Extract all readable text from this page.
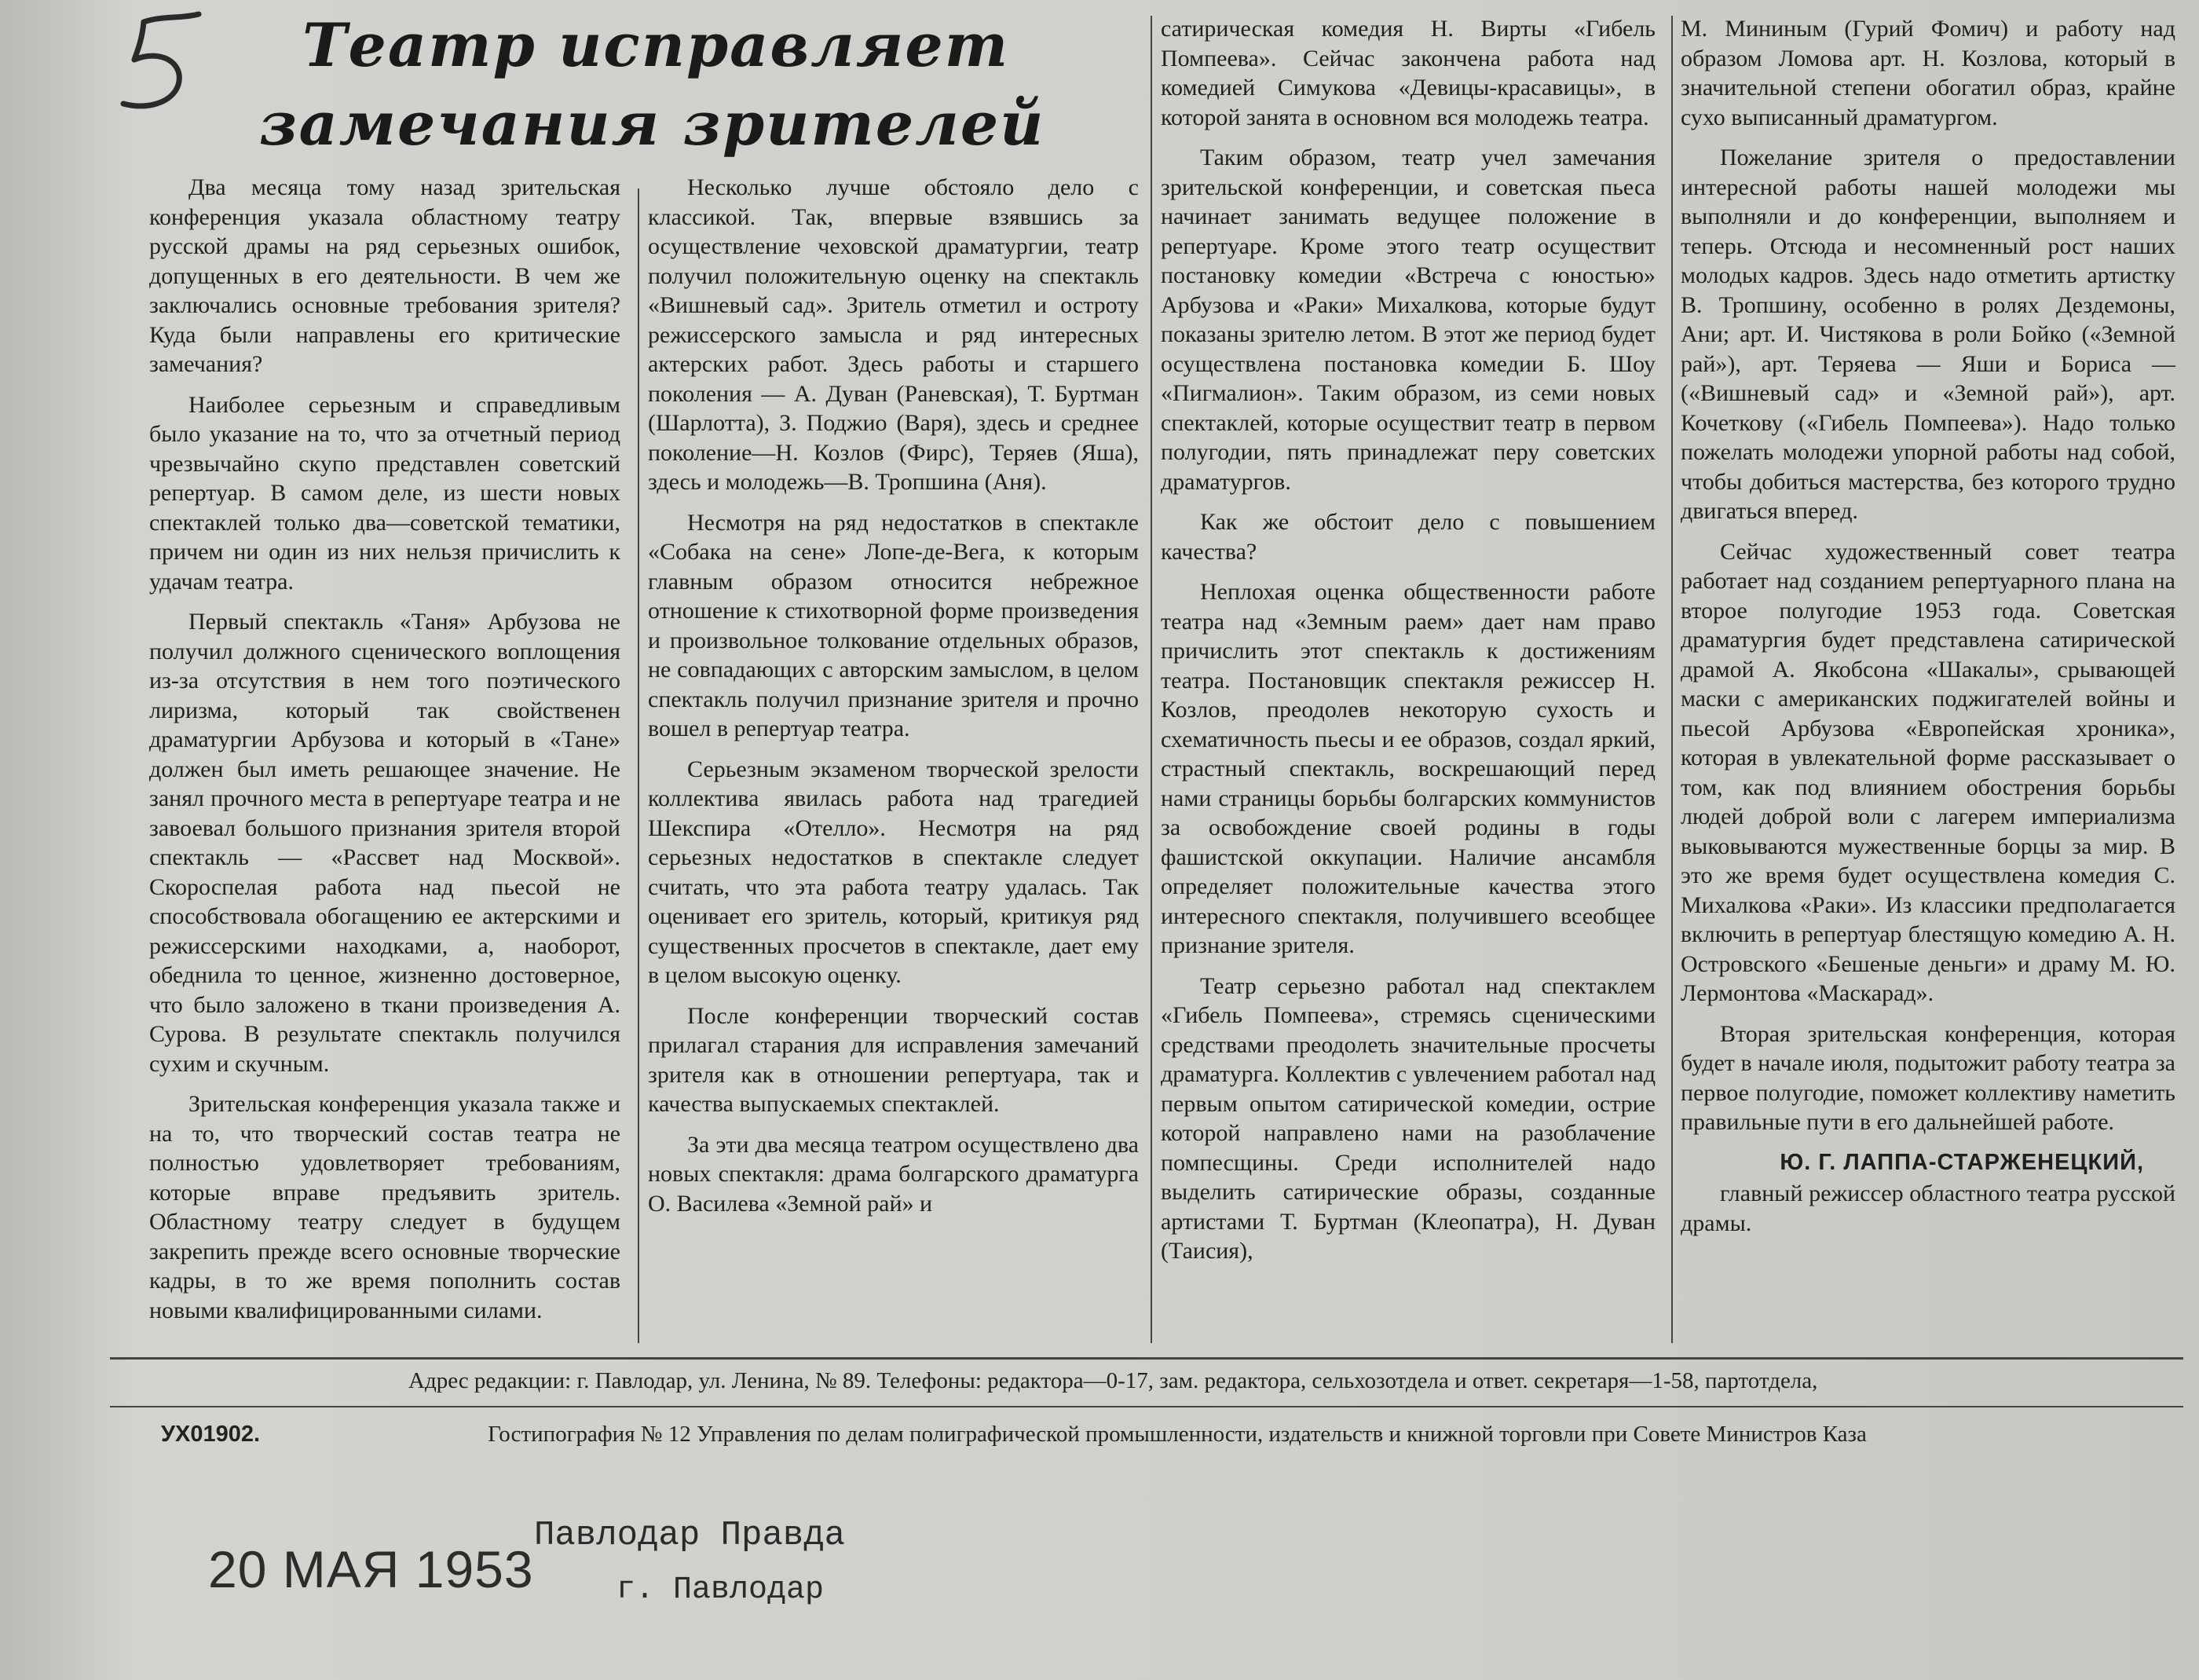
Театр исправляет
замечания зрителей

Два месяца тому назад зрительская конференция указала областному театру русской драмы на ряд серьезных ошибок, допущенных в его деятельности. В чем же заключались основные требования зрителя? Куда были направлены его критические замечания?

Наиболее серьезным и справедливым было указание на то, что за отчетный период чрезвычайно скупо представлен советский репертуар. В самом деле, из шести новых спектаклей только два—советской тематики, причем ни один из них нельзя причислить к удачам театра.

Первый спектакль «Таня» Арбузова не получил должного сценического воплощения из-за отсутствия в нем того поэтического лиризма, который так свойственен драматургии Арбузова и который в «Тане» должен был иметь решающее значение. Не занял прочного места в репертуаре театра и не завоевал большого признания зрителя второй спектакль — «Рассвет над Москвой». Скороспелая работа над пьесой не способствовала обогащению ее актерскими и режиссерскими находками, а, наоборот, обеднила то ценное, жизненно достоверное, что было заложено в ткани произведения А. Сурова. В результате спектакль получился сухим и скучным.

Зрительская конференция указала также и на то, что творческий состав театра не полностью удовлетворяет требованиям, которые вправе предъявить зритель. Областному театру следует в будущем закрепить прежде всего основные творческие кадры, в то же время пополнить состав новыми квалифицированными силами.

Несколько лучше обстояло дело с классикой. Так, впервые взявшись за осуществление чеховской драматургии, театр получил положительную оценку на спектакль «Вишневый сад». Зритель отметил и остроту режиссерского замысла и ряд интересных актерских работ. Здесь работы и старшего поколения — А. Дуван (Раневская), Т. Буртман (Шарлотта), З. Поджио (Варя), здесь и среднее поколение—Н. Козлов (Фирс), Теряев (Яша), здесь и молодежь—В. Тропшина (Аня).

Несмотря на ряд недостатков в спектакле «Собака на сене» Лопе-де-Вега, к которым главным образом относится небрежное отношение к стихотворной форме произведения и произвольное толкование отдельных образов, не совпадающих с авторским замыслом, в целом спектакль получил признание зрителя и прочно вошел в репертуар театра.

Серьезным экзаменом творческой зрелости коллектива явилась работа над трагедией Шекспира «Отелло». Несмотря на ряд серьезных недостатков в спектакле следует считать, что эта работа театру удалась. Так оценивает его зритель, который, критикуя ряд существенных просчетов в спектакле, дает ему в целом высокую оценку.

После конференции творческий состав прилагал старания для исправления замечаний зрителя как в отношении репертуара, так и качества выпускаемых спектаклей.

За эти два месяца театром осуществлено два новых спектакля: драма болгарского драматурга О. Василева «Земной рай» и

сатирическая комедия Н. Вирты «Гибель Помпеева». Сейчас закончена работа над комедией Симукова «Девицы-красавицы», в которой занята в основном вся молодежь театра.

Таким образом, театр учел замечания зрительской конференции, и советская пьеса начинает занимать ведущее положение в репертуаре. Кроме этого театр осуществит постановку комедии «Встреча с юностью» Арбузова и «Раки» Михалкова, которые будут показаны зрителю летом. В этот же период будет осуществлена постановка комедии Б. Шоу «Пигмалион». Таким образом, из семи новых спектаклей, которые осуществит театр в первом полугодии, пять принадлежат перу советских драматургов.

Как же обстоит дело с повышением качества?

Неплохая оценка общественности работе театра над «Земным раем» дает нам право причислить этот спектакль к достижениям театра. Постановщик спектакля режиссер Н. Козлов, преодолев некоторую сухость и схематичность пьесы и ее образов, создал яркий, страстный спектакль, воскрешающий перед нами страницы борьбы болгарских коммунистов за освобождение своей родины в годы фашистской оккупации. Наличие ансамбля определяет положительные качества этого интересного спектакля, получившего всеобщее признание зрителя.

Театр серьезно работал над спектаклем «Гибель Помпеева», стремясь сценическими средствами преодолеть значительные просчеты драматурга. Коллектив с увлечением работал над первым опытом сатирической комедии, острие которой направлено нами на разоблачение помпесщины. Среди исполнителей надо выделить сатирические образы, созданные артистами Т. Буртман (Клеопатра), Н. Дуван (Таисия),

М. Мининым (Гурий Фомич) и работу над образом Ломова арт. Н. Козлова, который в значительной степени обогатил образ, крайне сухо выписанный драматургом.

Пожелание зрителя о предоставлении интересной работы нашей молодежи мы выполняли и до конференции, выполняем и теперь. Отсюда и несомненный рост наших молодых кадров. Здесь надо отметить артистку В. Тропшину, особенно в ролях Дездемоны, Ани; арт. И. Чистякова в роли Бойко («Земной рай»), арт. Теряева — Яши и Бориса — («Вишневый сад» и «Земной рай»), арт. Кочеткову («Гибель Помпеева»). Надо только пожелать молодежи упорной работы над собой, чтобы добиться мастерства, без которого трудно двигаться вперед.

Сейчас художественный совет театра работает над созданием репертуарного плана на второе полугодие 1953 года. Советская драматургия будет представлена сатирической драмой А. Якобсона «Шакалы», срывающей маски с американских поджигателей войны и пьесой Арбузова «Европейская хроника», которая в увлекательной форме рассказывает о том, как под влиянием обострения борьбы людей доброй воли с лагерем империализма выковываются мужественные борцы за мир. В это же время будет осуществлена комедия С. Михалкова «Раки». Из классики предполагается включить в репертуар блестящую комедию А. Н. Островского «Бешеные деньги» и драму М. Ю. Лермонтова «Маскарад».

Вторая зрительская конференция, которая будет в начале июля, подытожит работу театра за первое полугодие, поможет коллективу наметить правильные пути в его дальнейшей работе.

Ю. Г. ЛАППА-СТАРЖЕНЕЦКИЙ,

главный режиссер областного театра русской драмы.

Адрес редакции: г. Павлодар, ул. Ленина, № 89. Телефоны: редактора—0-17, зам. редактора, сельхозотдела и ответ. секретаря—1-58, партотдела,
УХ01902.	Гостипография № 12 Управления по делам полиграфической промышленности, издательств и книжной торговли при Совете Министров Каза
20 МАЯ 1953
Павлодар Правда
г. Павлодар
